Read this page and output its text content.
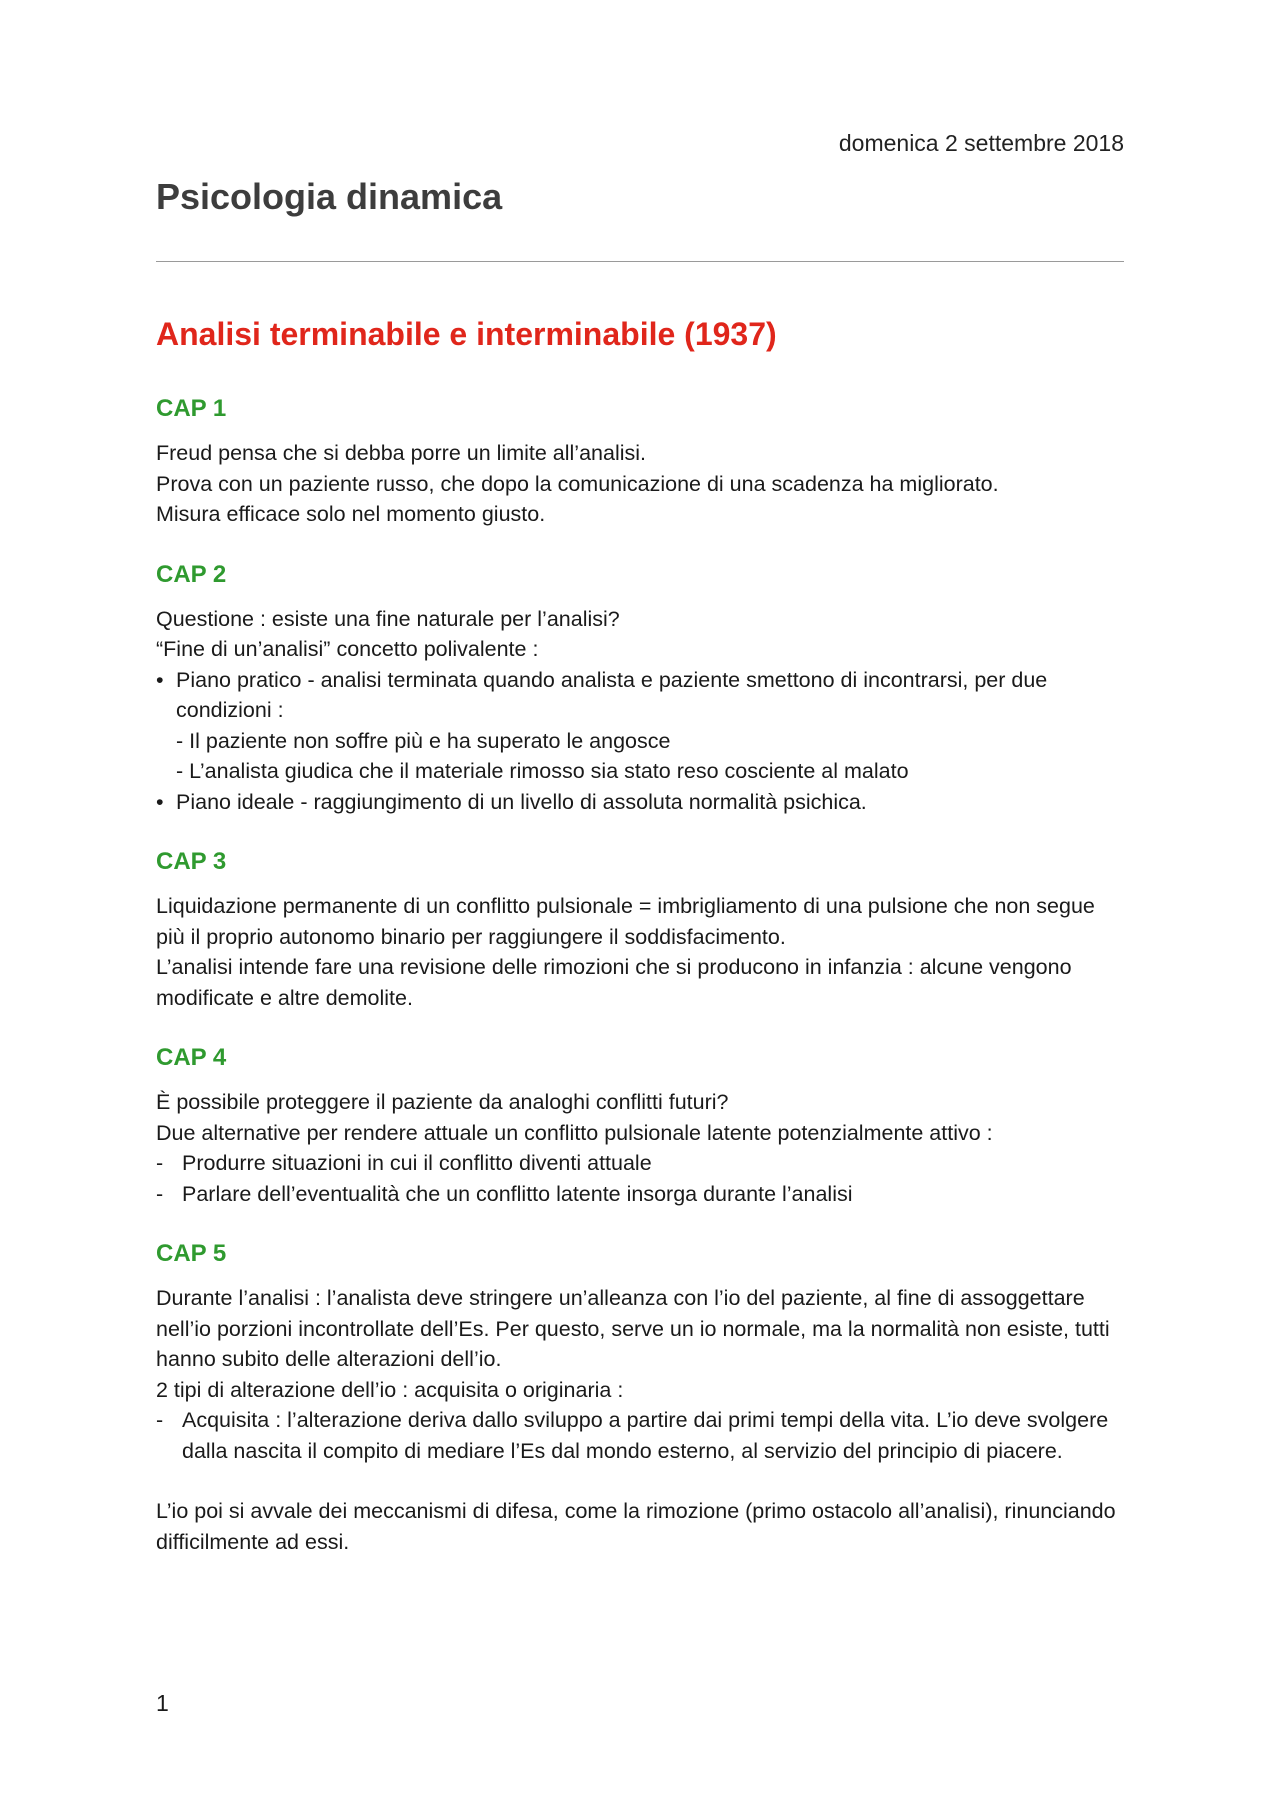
domenica 2 settembre 2018
Psicologia dinamica
Analisi terminabile e interminabile (1937)
CAP 1
Freud pensa che si debba porre un limite all’analisi.
Prova con un paziente russo, che dopo la comunicazione di una scadenza ha migliorato.
Misura efficace solo nel momento giusto.
CAP 2
Questione : esiste una fine naturale per l’analisi?
“Fine di un’analisi” concetto polivalente :
• Piano pratico - analisi terminata quando analista e paziente smettono di incontrarsi, per due condizioni :
- Il paziente non soffre più e ha superato le angosce
- L’analista giudica che il materiale rimosso sia stato reso cosciente al malato
• Piano ideale - raggiungimento di un livello di assoluta normalità psichica.
CAP 3
Liquidazione permanente di un conflitto pulsionale = imbrigliamento di una pulsione che non segue più il proprio autonomo binario per raggiungere il soddisfacimento.
L’analisi intende fare una revisione delle rimozioni che si producono in infanzia : alcune vengono modificate e altre demolite.
CAP 4
È possibile proteggere il paziente da analoghi conflitti futuri?
Due alternative per rendere attuale un conflitto pulsionale latente potenzialmente attivo :
- Produrre situazioni in cui il conflitto diventi attuale
- Parlare dell’eventualità che un conflitto latente insorga durante l’analisi
CAP 5
Durante l’analisi : l’analista deve stringere un’alleanza con l’io del paziente, al fine di assoggettare nell’io porzioni incontrollate dell’Es. Per questo, serve un io normale, ma la normalità non esiste, tutti hanno subito delle alterazioni dell’io.
2 tipi di alterazione dell’io : acquisita o originaria :
- Acquisita : l’alterazione deriva dallo sviluppo a partire dai primi tempi della vita. L’io deve svolgere dalla nascita il compito di mediare l’Es dal mondo esterno, al servizio del principio di piacere.
L’io poi si avvale dei meccanismi di difesa, come la rimozione (primo ostacolo all’analisi), rinunciando difficilmente ad essi.
1
